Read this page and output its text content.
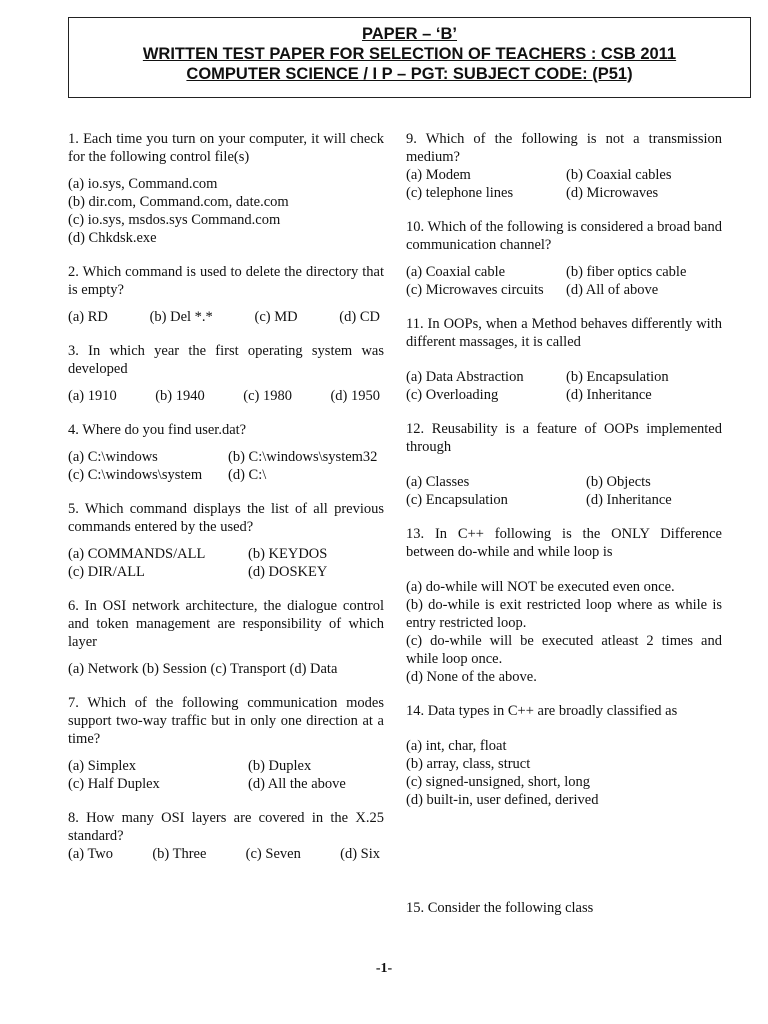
PAPER – ‘B’
WRITTEN TEST PAPER FOR SELECTION OF TEACHERS : CSB 2011
COMPUTER SCIENCE / I P – PGT: SUBJECT CODE: (P51)
1. Each time you turn on your computer, it will check for the following control file(s)
(a) io.sys, Command.com
(b) dir.com, Command.com, date.com
(c) io.sys, msdos.sys Command.com
(d) Chkdsk.exe
2. Which command is used to delete the directory that is empty?
(a) RD	(b) Del *.*	(c) MD	(d) CD
3. In which year the first operating system was developed
(a) 1910	(b) 1940	(c) 1980	(d) 1950
4. Where do you find user.dat?
(a) C:\windows	(b) C:\windows\system32
(c) C:\windows\system	(d) C:\
5. Which command displays the list of all previous commands entered by the used?
(a) COMMANDS/ALL	(b) KEYDOS
(c) DIR/ALL	(d) DOSKEY
6. In OSI network architecture, the dialogue control and token management are responsibility of which layer
(a) Network (b) Session (c) Transport (d) Data
7. Which of the following communication modes support two-way traffic but in only one direction at a time?
(a) Simplex	(b) Duplex
(c) Half Duplex	(d) All the above
8. How many OSI layers are covered in the X.25 standard?
(a) Two	(b) Three	(c) Seven	(d) Six
9. Which of the following is not a transmission medium?
(a) Modem	(b) Coaxial cables
(c) telephone lines	(d) Microwaves
10. Which of the following is considered a broad band communication channel?
(a) Coaxial cable	(b) fiber optics cable
(c) Microwaves circuits	(d) All of above
11. In OOPs, when a Method behaves differently with different massages, it is called
(a) Data Abstraction	(b) Encapsulation
(c) Overloading	(d) Inheritance
12. Reusability is a feature of OOPs implemented through
(a) Classes	(b) Objects
(c) Encapsulation	(d) Inheritance
13. In C++ following is the ONLY Difference between do-while and while loop is
(a) do-while will NOT be executed even once.
(b) do-while is exit restricted loop where as while is entry restricted loop.
(c) do-while will be executed atleast 2 times and while loop once.
(d) None of the above.
14. Data types in C++ are broadly classified as
(a) int, char, float
(b) array, class, struct
(c) signed-unsigned, short, long
(d) built-in, user defined, derived
15. Consider the following class
-1-
